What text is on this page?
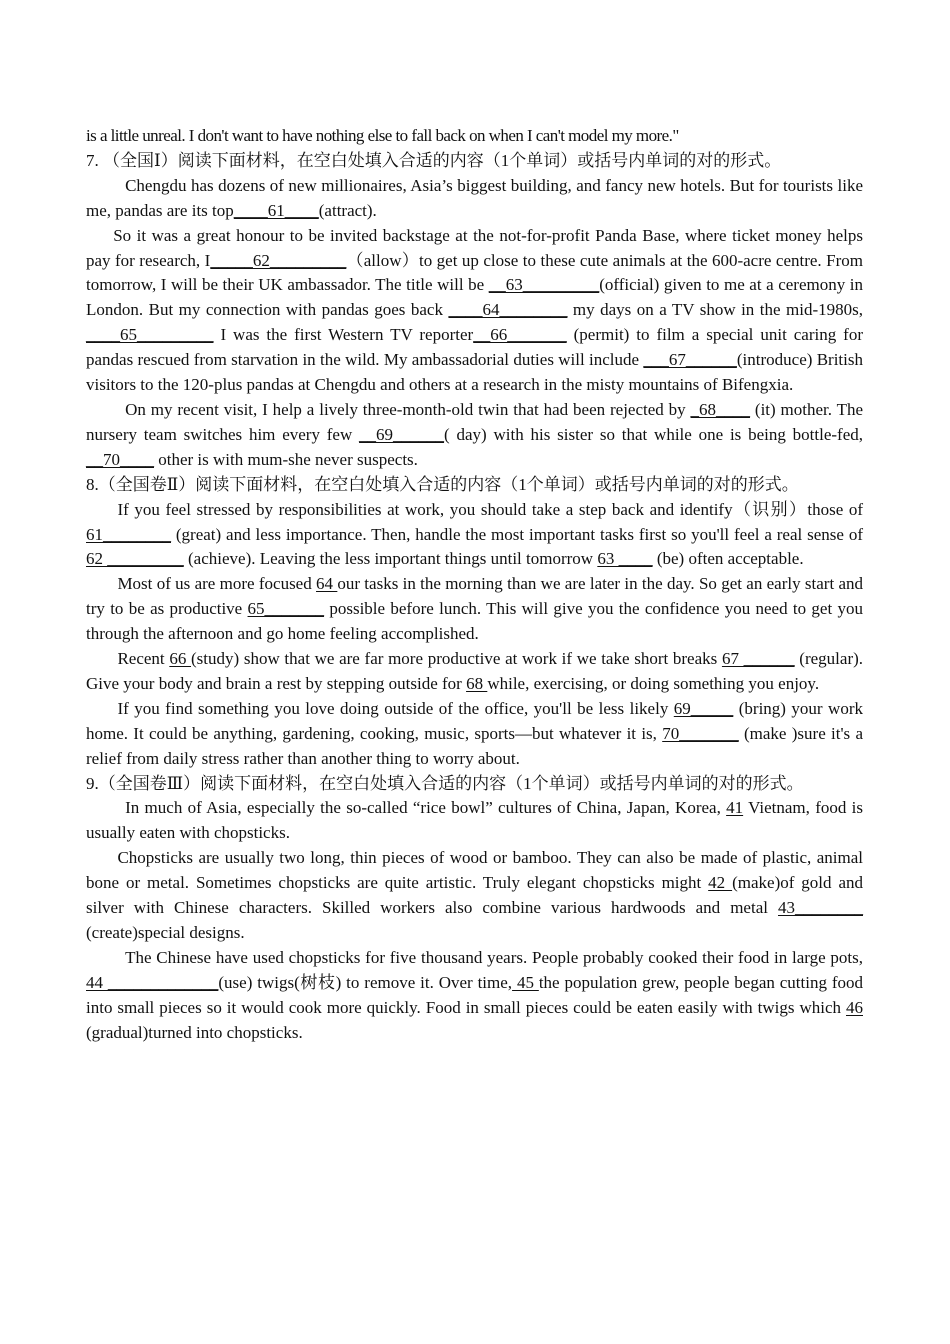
is a little unreal. I don't want to have nothing else to fall back on when I can't model my more."

7. （全国Ⅰ）阅读下面材料，在空白处填入合适的内容（1个单词）或括号内单词的对的形式。

Chengdu has dozens of new millionaires, Asia’s biggest building, and fancy new hotels. But for tourists like me, pandas are its top____61____(attract).

So it was a great honour to be invited backstage at the not-for-profit Panda Base, where ticket money helps pay for research, I_____62_________（allow）to get up close to these cute animals at the 600-acre centre. From tomorrow, I will be their UK ambassador. The title will be __63_________(official) given to me at a ceremony in London. But my connection with pandas goes back ____64________ my days on a TV show in the mid-1980s, ____65_________ I was the first Western TV reporter__66_______ (permit) to film a special unit caring for pandas rescued from starvation in the wild. My ambassadorial duties will include ___67______(introduce) British visitors to the 120-plus pandas at Chengdu and others at a research in the misty mountains of Bifengxia.

On my recent visit, I help a lively three-month-old twin that had been rejected by _68____ (it) mother. The nursery team switches him every few __69______( day) with his sister so that while one is being bottle-fed, __70____ other is with mum-she never suspects.

8.（全国卷Ⅱ）阅读下面材料，在空白处填入合适的内容（1个单词）或括号内单词的对的形式。

If you feel stressed by responsibilities at work, you should take a step back and identify（识别）those of 61________ (great) and less importance. Then, handle the most important tasks first so you'll feel a real sense of 62 _________ (achieve). Leaving the less important things until tomorrow 63 ____ (be) often acceptable.

Most of us are more focused 64 our tasks in the morning than we are later in the day. So get an early start and try to be as productive 65_______ possible before lunch. This will give you the confidence you need to get you through the afternoon and go home feeling accomplished.

Recent 66 (study) show that we are far more productive at work if we take short breaks 67 ______ (regular). Give your body and brain a rest by stepping outside for 68 while, exercising, or doing something you enjoy.

If you find something you love doing outside of the office, you'll be less likely 69_____ (bring) your work home. It could be anything, gardening, cooking, music, sports—but whatever it is, 70_______ (make )sure it's a relief from daily stress rather than another thing to worry about.

9.（全国卷Ⅲ）阅读下面材料，在空白处填入合适的内容（1个单词）或括号内单词的对的形式。

In much of Asia, especially the so-called “rice bowl” cultures of China, Japan, Korea, 41 Vietnam, food is usually eaten with chopsticks.

Chopsticks are usually two long, thin pieces of wood or bamboo. They can also be made of plastic, animal bone or metal. Sometimes chopsticks are quite artistic. Truly elegant chopsticks might 42 (make)of gold and silver with Chinese characters. Skilled workers also combine various hardwoods and metal 43________ (create)special designs.

The Chinese have used chopsticks for five thousand years. People probably cooked their food in large pots, 44 _____________(use) twigs(树枝) to remove it. Over time, 45 the population grew, people began cutting food into small pieces so it would cook more quickly. Food in small pieces could be eaten easily with twigs which 46 (gradual)turned into chopsticks.
